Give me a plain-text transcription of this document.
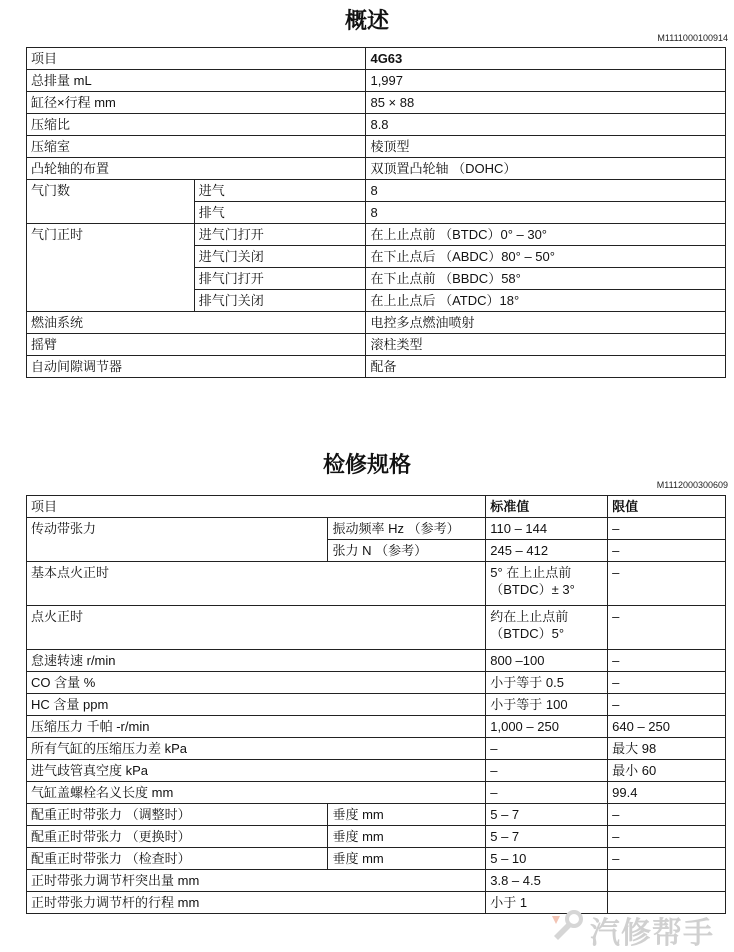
概述
M1111000100914
项目		4G63
总排量 mL		1,997
缸径×行程 mm		85 × 88
压缩比		8.8
压缩室		棱顶型
凸轮轴的布置		双顶置凸轮轴 （DOHC）
气门数	进气	8
	排气	8
气门正时	进气门打开	在上止点前 （BTDC）0° – 30°
	进气门关闭	在下止点后 （ABDC）80° – 50°
	排气门打开	在下止点前 （BBDC）58°
	排气门关闭	在上止点后 （ATDC）18°
燃油系统		电控多点燃油喷射
摇臂		滚柱类型
自动间隙调节器		配备
检修规格
M1112000300609
项目		标准值	限值
传动带张力	振动频率 Hz （参考）	110 – 144	–
	张力 N （参考）	245 – 412	–
基本点火正时		5° 在上止点前 （BTDC）± 3°	–
点火正时		约在上止点前 （BTDC）5°	–
怠速转速 r/min		800 –100	–
CO 含量 %		小于等于 0.5	–
HC 含量 ppm		小于等于 100	–
压缩压力 千帕 -r/min		1,000 – 250	640 – 250
所有气缸的压缩压力差 kPa		–	最大 98
进气歧管真空度 kPa		–	最小 60
气缸盖螺栓名义长度 mm		–	99.4
配重正时带张力 （调整时）	垂度 mm	5 – 7	–
配重正时带张力 （更换时）	垂度 mm	5 – 7	–
配重正时带张力 （检查时）	垂度 mm	5 – 10	–
正时带张力调节杆突出量 mm		3.8 – 4.5	
正时带张力调节杆的行程 mm		小于 1	
汽修帮手
